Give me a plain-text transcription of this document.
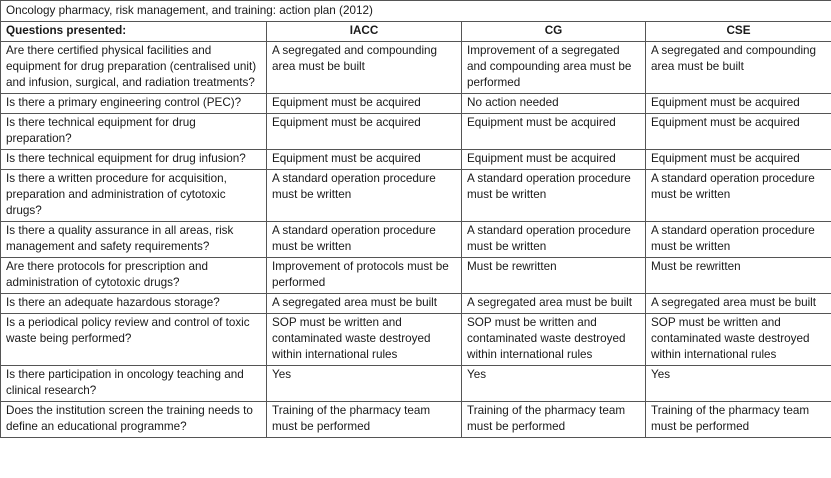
Oncology pharmacy, risk management, and training: action plan (2012)			
Questions presented:	IACC	CG	CSE
Are there certified physical facilities and equipment for drug preparation (centralised unit) and infusion, surgical, and radiation treatments?	A segregated and compounding area must be built	Improvement of a segregated and compounding area must be performed	A segregated and compounding area must be built
Is there a primary engineering control (PEC)?	Equipment must be acquired	No action needed	Equipment must be acquired
Is there technical equipment for drug preparation?	Equipment must be acquired	Equipment must be acquired	Equipment must be acquired
Is there technical equipment for drug infusion?	Equipment must be acquired	Equipment must be acquired	Equipment must be acquired
Is there a written procedure for acquisition, preparation and administration of cytotoxic drugs?	A standard operation procedure must be written	A standard operation procedure must be written	A standard operation procedure must be written
Is there a quality assurance in all areas, risk management and safety requirements?	A standard operation procedure must be written	A standard operation procedure must be written	A standard operation procedure must be written
Are there protocols for prescription and administration of cytotoxic drugs?	Improvement of protocols must be performed	Must be rewritten	Must be rewritten
Is there an adequate hazardous storage?	A segregated area must be built	A segregated area must be built	A segregated area must be built
Is a periodical policy review and control of toxic waste being performed?	SOP must be written and contaminated waste destroyed within international rules	SOP must be written and contaminated waste destroyed within international rules	SOP must be written and contaminated waste destroyed within international rules
Is there participation in oncology teaching and clinical research?	Yes	Yes	Yes
Does the institution screen the training needs to define an educational programme?	Training of the pharmacy team must be performed	Training of the pharmacy team must be performed	Training of the pharmacy team must be performed
